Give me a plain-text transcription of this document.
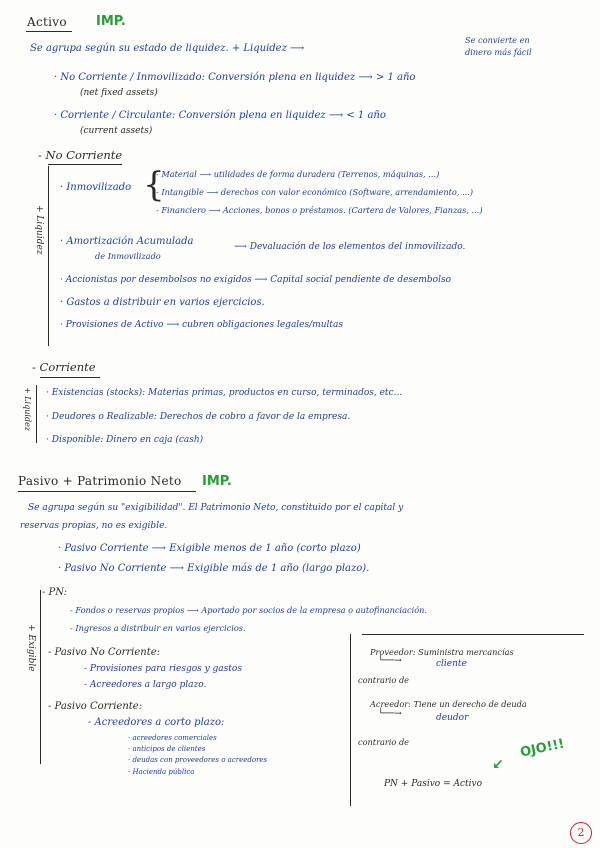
Activo IMP.
Se agrupa según su estado de liquidez. + Liquidez ⟶
Se convierte en
dinero más fácil
· No Corriente / Inmovilizado: Conversión plena en liquidez ⟶ > 1 año
(net fixed assets)
· Corriente / Circulante: Conversión plena en liquidez ⟶ < 1 año
(current assets)
- No Corriente
+ Liquidez
· Inmovilizado {
- Material ⟶ utilidades de forma duradera (Terrenos, máquinas, ...)
- Intangible ⟶ derechos con valor económico (Software, arrendamiento, ...)
- Financiero ⟶ Acciones, bonos o préstamos. (Cartera de Valores, Fianzas, ...)
· Amortización Acumulada
de Inmovilizado
⟶ Devaluación de los elementos del inmovilizado.
· Accionistas por desembolsos no exigidos ⟶ Capital social pendiente de desembolso
· Gastos a distribuir en varios ejercicios.
· Provisiones de Activo ⟶ cubren obligaciones legales/multas
- Corriente
+ Liquidez · Existencias (stocks): Materias primas, productos en curso, terminados, etc...
· Deudores o Realizable: Derechos de cobro a favor de la empresa.
· Disponible: Dinero en caja (cash)
Pasivo + Patrimonio Neto IMP.
Se agrupa según su "exigibilidad". El Patrimonio Neto, constituido por el capital y
reservas propias, no es exigible.
· Pasivo Corriente ⟶ Exigible menos de 1 año (corto plazo)
· Pasivo No Corriente ⟶ Exigible más de 1 año (largo plazo).
+ Exigible
- PN:
- Fondos o reservas propios ⟶ Aportado por socios de la empresa o autofinanciación.
- Ingresos a distribuir en varios ejercicios.
- Pasivo No Corriente:
- Provisiones para riesgos y gastos
- Acreedores a largo plazo.
- Pasivo Corriente:
- Acreedores a corto plazo:
· acreedores comerciales
· anticipos de clientes
· deudas con proveedores o acreedores
· Hacienda pública
Proveedor: Suministra mercancías
└──→	cliente
contrario de
Acreedor: Tiene un derecho de deuda
└──→	deudor
contrario de	OJO!!!
↙
PN + Pasivo = Activo
2
